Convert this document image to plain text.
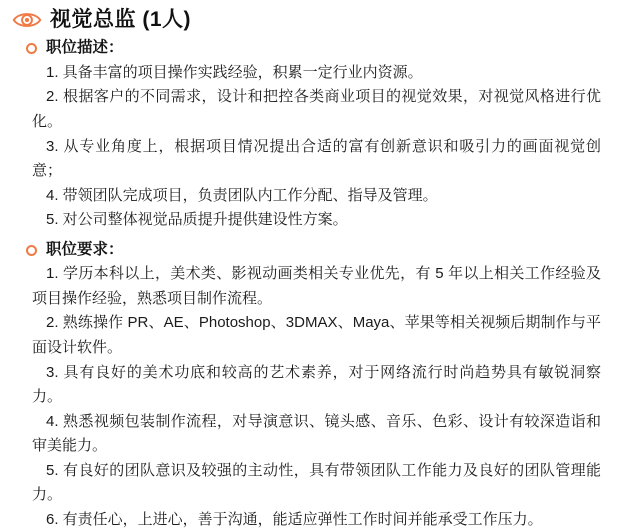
视觉总监 (1人)
职位描述：

1. 具备丰富的项目操作实践经验，积累一定行业内资源。

2. 根据客户的不同需求，设计和把控各类商业项目的视觉效果，对视觉风格进行优化。

3. 从专业角度上，根据项目情况提出合适的富有创新意识和吸引力的画面视觉创意；

4. 带领团队完成项目，负责团队内工作分配、指导及管理。

5. 对公司整体视觉品质提升提供建设性方案。

职位要求：

1. 学历本科以上，美术类、影视动画类相关专业优先，有 5 年以上相关工作经验及项目操作经验，熟悉项目制作流程。

2. 熟练操作 PR、AE、Photoshop、3DMAX、Maya、苹果等相关视频后期制作与平面设计软件。

3. 具有良好的美术功底和较高的艺术素养，对于网络流行时尚趋势具有敏锐洞察力。

4. 熟悉视频包装制作流程，对导演意识、镜头感、音乐、色彩、设计有较深造诣和审美能力。

5. 有良好的团队意识及较强的主动性，具有带领团队工作能力及良好的团队管理能力。

6. 有责任心，上进心，善于沟通，能适应弹性工作时间并能承受工作压力。
